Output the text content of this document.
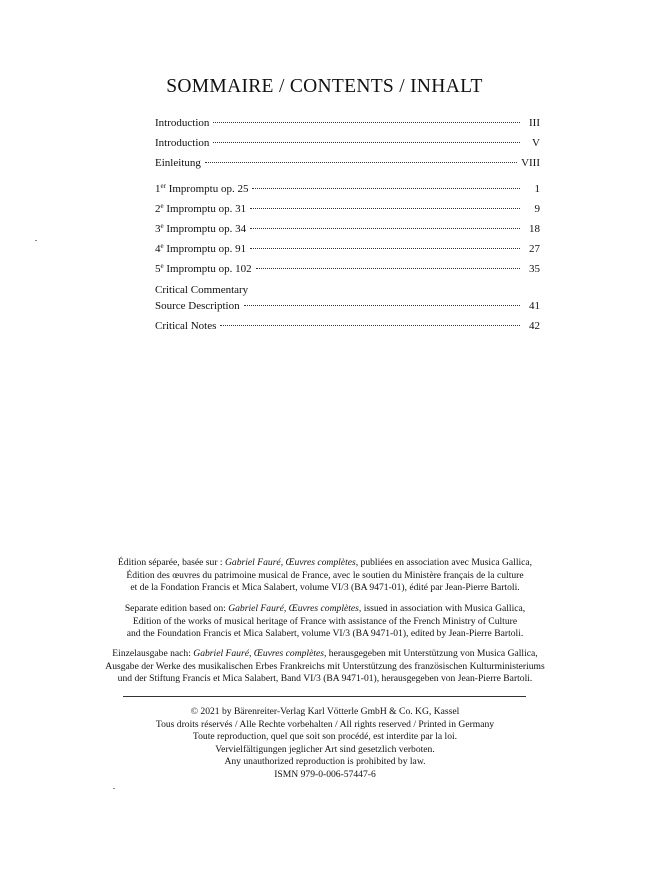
SOMMAIRE / CONTENTS / INHALT
Introduction	III
Introduction	V
Einleitung	VIII
1er Impromptu op. 25	1
2e Impromptu op. 31	9
3e Impromptu op. 34	18
4e Impromptu op. 91	27
5e Impromptu op. 102	35
Critical Commentary
Source Description	41
Critical Notes	42

Édition séparée, basée sur : Gabriel Fauré, Œuvres complètes, publiées en association avec Musica Gallica,

Édition des œuvres du patrimoine musical de France, avec le soutien du Ministère français de la culture

et de la Fondation Francis et Mica Salabert, volume VI/3 (BA 9471-01), édité par Jean-Pierre Bartoli.

Separate edition based on: Gabriel Fauré, Œuvres complètes, issued in association with Musica Gallica,

Edition of the works of musical heritage of France with assistance of the French Ministry of Culture

and the Foundation Francis et Mica Salabert, volume VI/3 (BA 9471-01), edited by Jean-Pierre Bartoli.

Einzelausgabe nach: Gabriel Fauré, Œuvres complètes, herausgegeben mit Unterstützung von Musica Gallica,

Ausgabe der Werke des musikalischen Erbes Frankreichs mit Unterstützung des französischen Kulturministeriums

und der Stiftung Francis et Mica Salabert, Band VI/3 (BA 9471-01), herausgegeben von Jean-Pierre Bartoli.

© 2021 by Bärenreiter-Verlag Karl Vötterle GmbH & Co. KG, Kassel

Tous droits réservés / Alle Rechte vorbehalten / All rights reserved / Printed in Germany

Toute reproduction, quel que soit son procédé, est interdite par la loi.

Vervielfältigungen jeglicher Art sind gesetzlich verboten.

Any unauthorized reproduction is prohibited by law.

ISMN 979-0-006-57447-6
